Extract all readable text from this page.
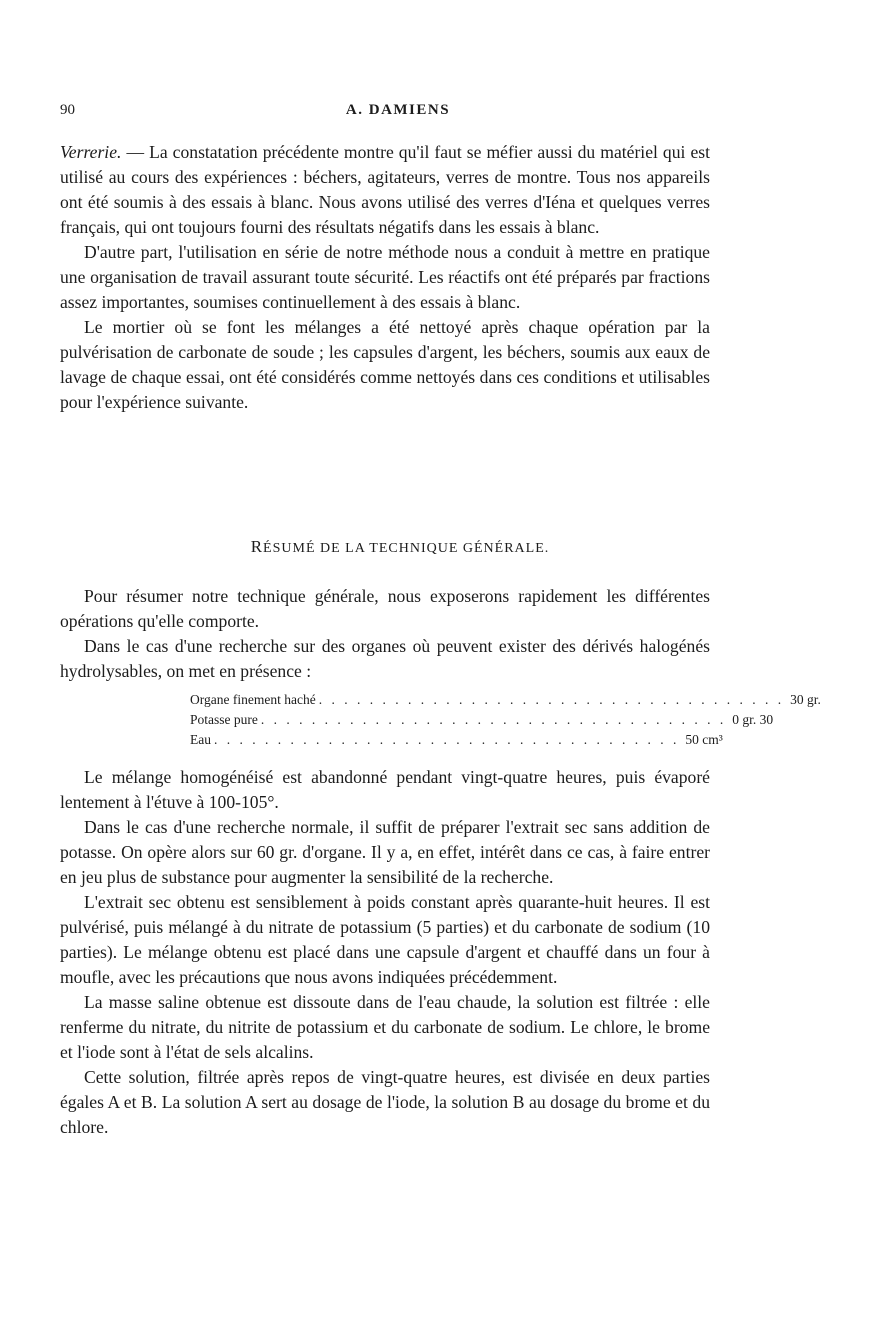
90	A. DAMIENS

Verrerie. — La constatation précédente montre qu'il faut se méfier aussi du matériel qui est utilisé au cours des expériences : béchers, agitateurs, verres de montre. Tous nos appareils ont été soumis à des essais à blanc. Nous avons utilisé des verres d'Iéna et quelques verres français, qui ont toujours fourni des résultats négatifs dans les essais à blanc.

D'autre part, l'utilisation en série de notre méthode nous a conduit à mettre en pratique une organisation de travail assurant toute sécurité. Les réactifs ont été préparés par fractions assez importantes, soumises continuellement à des essais à blanc.

Le mortier où se font les mélanges a été nettoyé après chaque opération par la pulvérisation de carbonate de soude ; les capsules d'argent, les béchers, soumis aux eaux de lavage de chaque essai, ont été considérés comme nettoyés dans ces conditions et utilisables pour l'expérience suivante.

RÉSUMÉ DE LA TECHNIQUE GÉNÉRALE.

Pour résumer notre technique générale, nous exposerons rapidement les différentes opérations qu'elle comporte.

Dans le cas d'une recherche sur des organes où peuvent exister des dérivés halogénés hydrolysables, on met en présence :

Organe finement haché . . . . . . . . . . . . . . . . . . . . . . . . . . . . . . . . . . . . . 30 gr.
Potasse pure . . . . . . . . . . . . . . . . . . . . . . . . . . . . . . . . . . . . . 0 gr. 30
Eau . . . . . . . . . . . . . . . . . . . . . . . . . . . . . . . . . . . . . 50 cm³

Le mélange homogénéisé est abandonné pendant vingt-quatre heures, puis évaporé lentement à l'étuve à 100-105°.

Dans le cas d'une recherche normale, il suffit de préparer l'extrait sec sans addition de potasse. On opère alors sur 60 gr. d'organe. Il y a, en effet, intérêt dans ce cas, à faire entrer en jeu plus de substance pour augmenter la sensibilité de la recherche.

L'extrait sec obtenu est sensiblement à poids constant après quarante-huit heures. Il est pulvérisé, puis mélangé à du nitrate de potassium (5 parties) et du carbonate de sodium (10 parties). Le mélange obtenu est placé dans une capsule d'argent et chauffé dans un four à moufle, avec les précautions que nous avons indiquées précédemment.

La masse saline obtenue est dissoute dans de l'eau chaude, la solution est filtrée : elle renferme du nitrate, du nitrite de potassium et du carbonate de sodium. Le chlore, le brome et l'iode sont à l'état de sels alcalins.

Cette solution, filtrée après repos de vingt-quatre heures, est divisée en deux parties égales A et B. La solution A sert au dosage de l'iode, la solution B au dosage du brome et du chlore.
